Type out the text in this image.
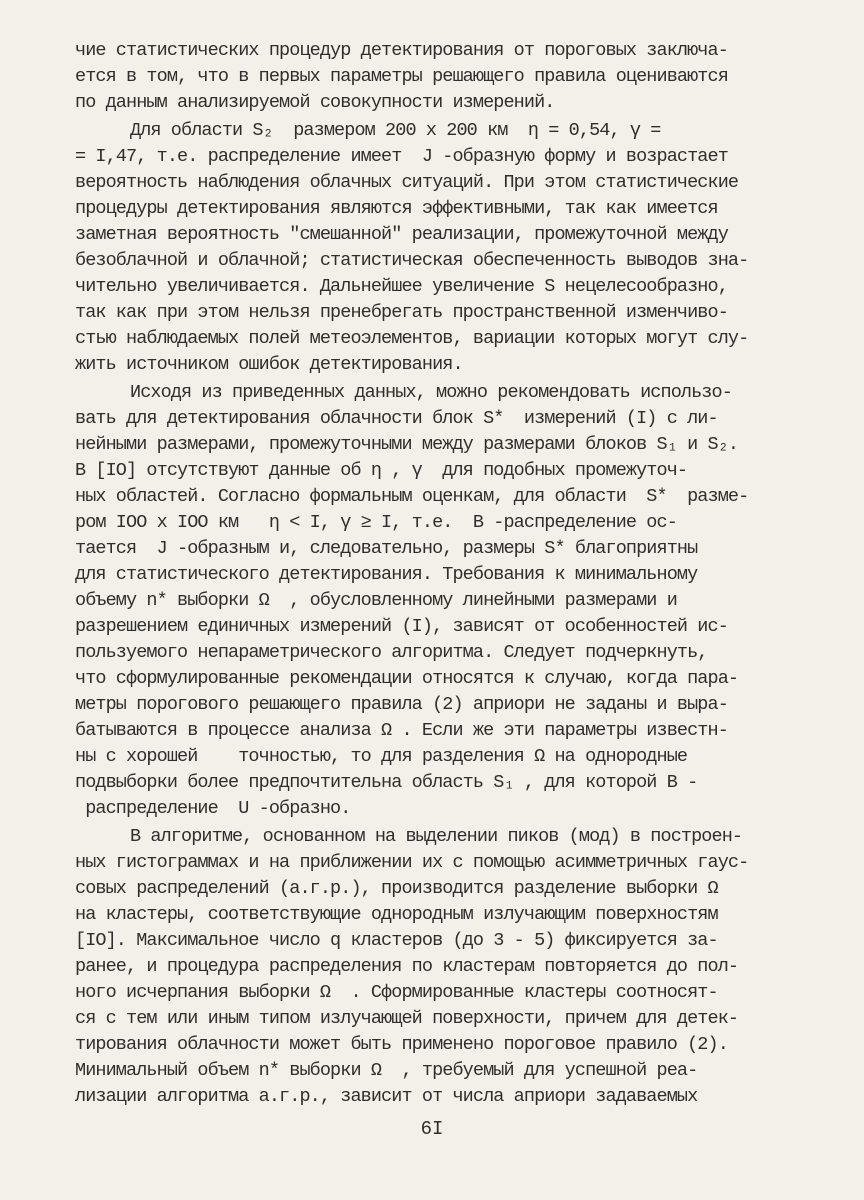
чие статистических процедур детектирования от пороговых заключа-
ется в том, что в первых параметры решающего правила оцениваются
по данным анализируемой совокупности измерений.
Для области S₂  размером 200 x 200 км  η = 0,54, γ =
= I,47, т.е. распределение имеет  J -образную форму и возрастает
вероятность наблюдения облачных ситуаций. При этом статистические
процедуры детектирования являются эффективными, так как имеется
заметная вероятность "смешанной" реализации, промежуточной между
безоблачной и облачной; статистическая обеспеченность выводов зна-
чительно увеличивается. Дальнейшее увеличение S нецелесообразно,
так как при этом нельзя пренебрегать пространственной изменчиво-
стью наблюдаемых полей метеоэлементов, вариации которых могут слу-
жить источником ошибок детектирования.
Исходя из приведенных данных, можно рекомендовать использо-
вать для детектирования облачности блок S*  измерений (I) с ли-
нейными размерами, промежуточными между размерами блоков S₁ и S₂.
В [IO] отсутствуют данные об η , γ  для подобных промежуточ-
ных областей. Согласно формальным оценкам, для области  S*  разме-
ром IOO x IOO км   η < I, γ ≥ I, т.е.  В -распределение ос-
тается  J -образным и, следовательно, размеры S* благоприятны
для статистического детектирования. Требования к минимальному
объему n* выборки Ω  , обусловленному линейными размерами и
разрешением единичных измерений (I), зависят от особенностей ис-
пользуемого непараметрического алгоритма. Следует подчеркнуть,
что сформулированные рекомендации относятся к случаю, когда пара-
метры порогового решающего правила (2) априори не заданы и выра-
батываются в процессе анализа Ω . Если же эти параметры известн-
ны с хорошей    точностью, то для разделения Ω на однородные
подвыборки более предпочтительна область S₁ , для которой В -
распределение  U -образно.
В алгоритме, основанном на выделении пиков (мод) в построен-
ных гистограммах и на приближении их с помощью асимметричных гаус-
совых распределений (а.г.р.), производится разделение выборки Ω
на кластеры, соответствующие однородным излучающим поверхностям
[IO]. Максимальное число q кластеров (до 3 - 5) фиксируется за-
ранее, и процедура распределения по кластерам повторяется до пол-
ного исчерпания выборки Ω  . Сформированные кластеры соотносят-
ся с тем или иным типом излучающей поверхности, причем для детек-
тирования облачности может быть применено пороговое правило (2).
Минимальный объем n* выборки Ω  , требуемый для успешной реа-
лизации алгоритма а.г.р., зависит от числа априори задаваемых
6I
